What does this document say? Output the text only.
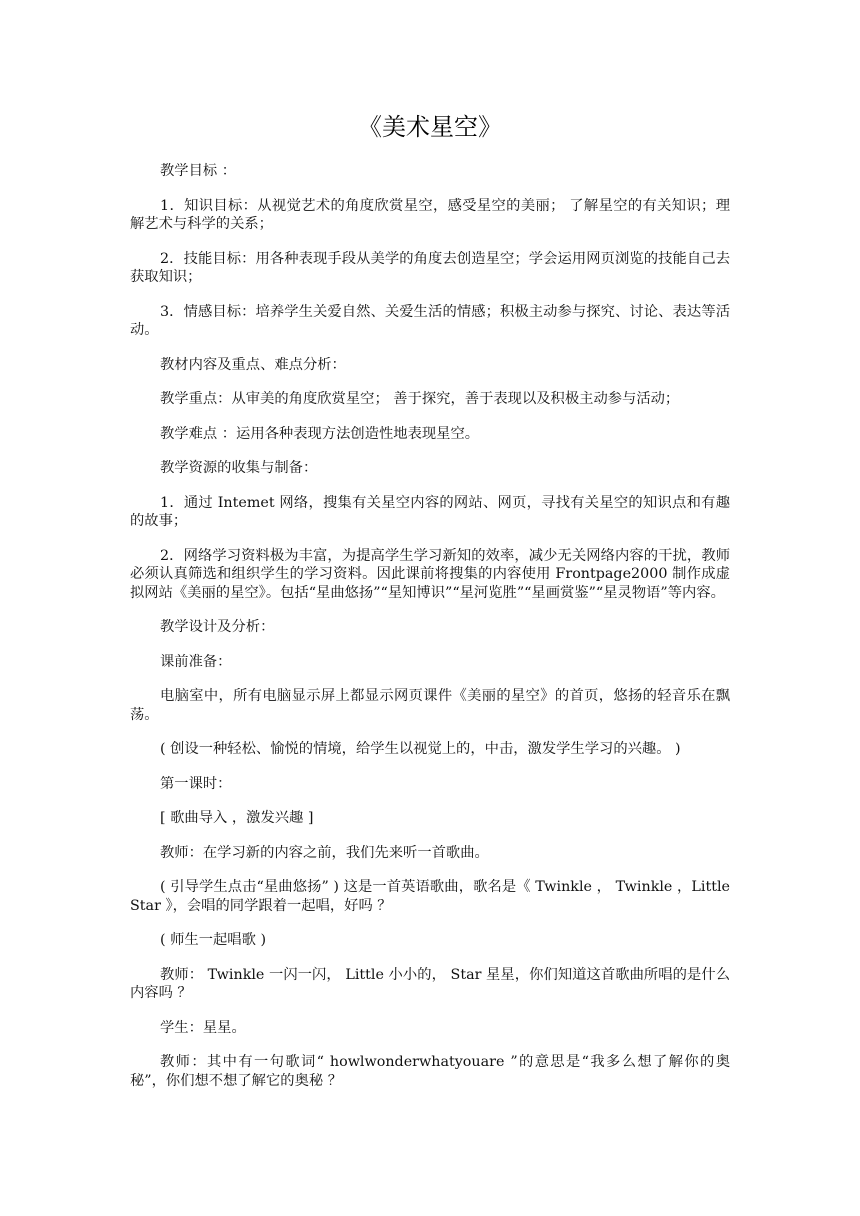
《美术星空》

教学目标 ：

1．知识目标：从视觉艺术的角度欣赏星空，感受星空的美丽； 了解星空的有关知识；理解艺术与科学的关系；

2．技能目标：用各种表现手段从美学的角度去创造星空；学会运用网页浏览的技能自己去获取知识；

3．情感目标：培养学生关爱自然、关爱生活的情感；积极主动参与探究、讨论、表达等活动。

教材内容及重点、难点分析：

教学重点：从审美的角度欣赏星空； 善于探究，善于表现以及积极主动参与活动；

教学难点 ：运用各种表现方法创造性地表现星空。

教学资源的收集与制备：

1．通过 Intemet 网络，搜集有关星空内容的网站、网页，寻找有关星空的知识点和有趣的故事；

2．网络学习资料极为丰富，为提高学生学习新知的效率，减少无关网络内容的干扰，教师必须认真筛选和组织学生的学习资料。因此课前将搜集的内容使用 Frontpage2000 制作成虚拟网站《美丽的星空》。包括“星曲悠扬”“星知博识”“星河览胜”“星画赏鉴”“星灵物语”等内容。

教学设计及分析：

课前准备：

电脑室中，所有电脑显示屏上都显示网页课件《美丽的星空》的首页，悠扬的轻音乐在飘荡。

( 创设一种轻松、愉悦的情境，给学生以视觉上的，中击，激发学生学习的兴趣。 )

第一课时：

[ 歌曲导入 ，激发兴趣 ]

教师：在学习新的内容之前，我们先来听一首歌曲。

( 引导学生点击“星曲悠扬” ) 这是一首英语歌曲，歌名是《 Twinkle ， Twinkle ，LittleStar 》，会唱的同学跟着一起唱，好吗 ？

( 师生一起唱歌 )

教师： Twinkle 一闪一闪， Little 小小的， Star 星星，你们知道这首歌曲所唱的是什么内容吗 ？

学生：星星。

教师：其中有一句歌词“ howlwonderwhatyouare ”的意思是“我多么想了解你的奥秘”，你们想不想了解它的奥秘 ？
